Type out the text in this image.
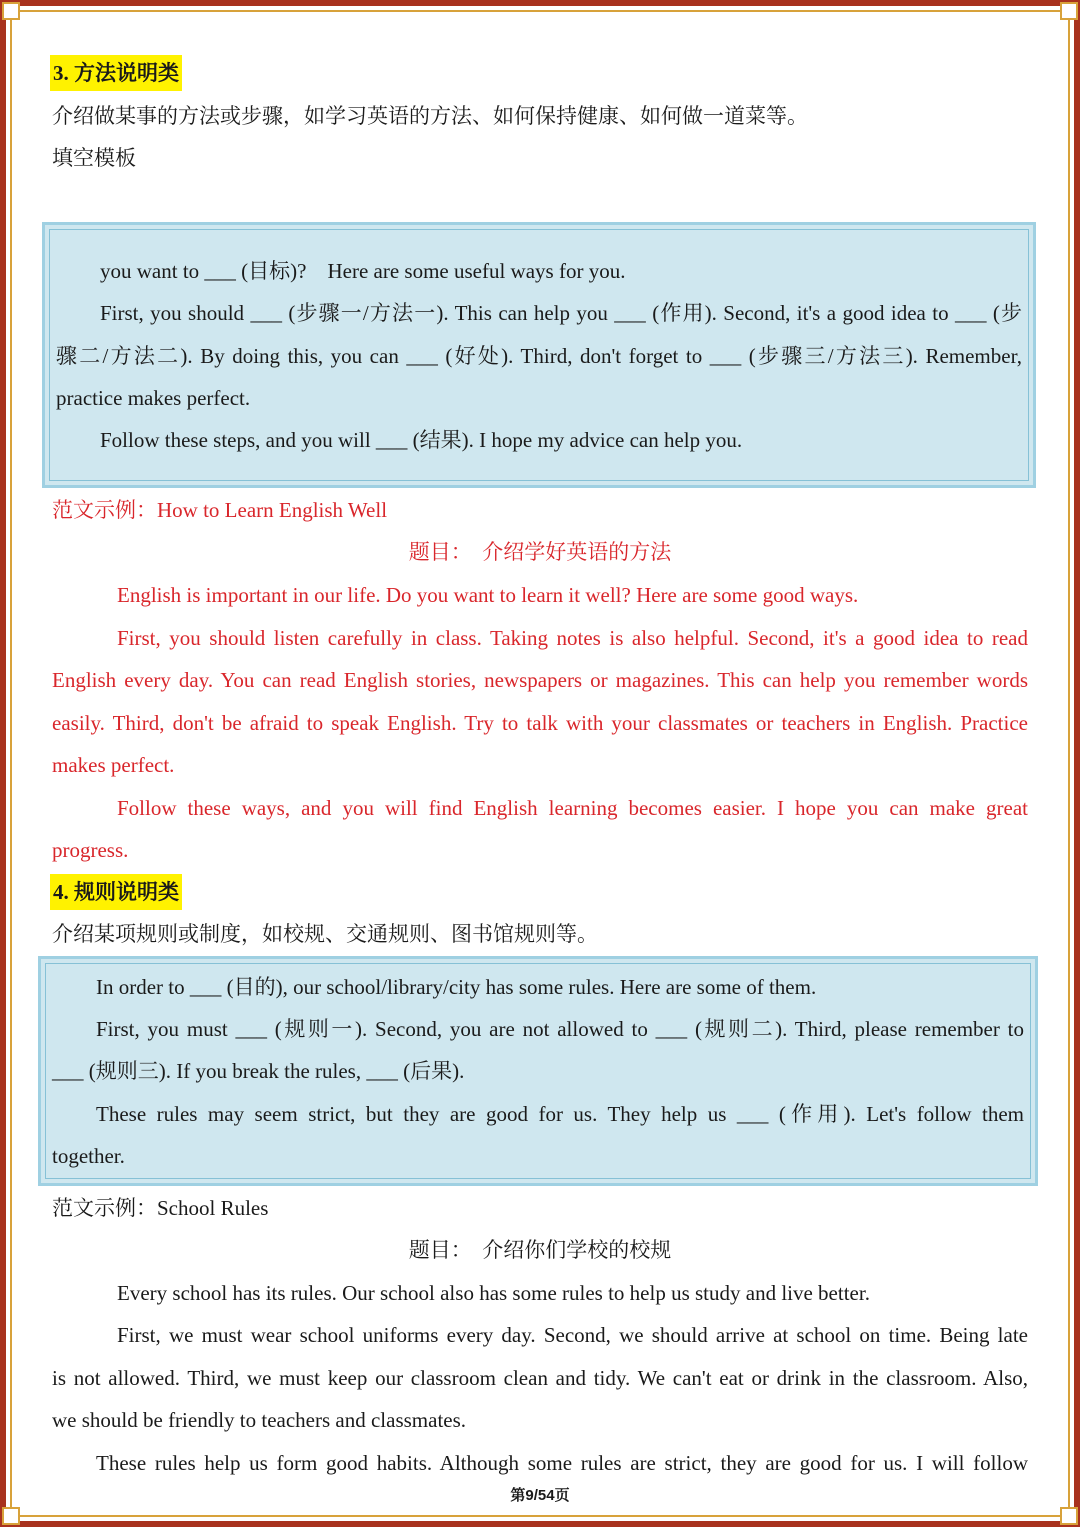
3. 方法说明类
介绍做某事的方法或步骤，如学习英语的方法、如何保持健康、如何做一道菜等。
填空模板
you want to ___ (目标)?　Here are some useful ways for you.
First, you should ___ (步骤一/方法一). This can help you ___ (作用). Second, it's a good idea to ___ (步
骤二/方法二). By doing this, you can ___ (好处). Third, don't forget to ___ (步骤三/方法三). Remember,
practice makes perfect.
Follow these steps, and you will ___ (结果). I hope my advice can help you.
范文示例：How to Learn English Well
题目：　介绍学好英语的方法
English is important in our life. Do you want to learn it well? Here are some good ways.
First, you should listen carefully in class. Taking notes is also helpful. Second, it's a good idea to read
English every day. You can read English stories, newspapers or magazines. This can help you remember words
easily. Third, don't be afraid to speak English. Try to talk with your classmates or teachers in English. Practice
makes perfect.
Follow these ways, and you will find English learning becomes easier. I hope you can make great
progress.
4. 规则说明类
介绍某项规则或制度，如校规、交通规则、图书馆规则等。
In order to ___ (目的), our school/library/city has some rules. Here are some of them.
First, you must ___ (规则一). Second, you are not allowed to ___ (规则二). Third, please remember to
___ (规则三). If you break the rules, ___ (后果).
These rules may seem strict, but they are good for us. They help us ___ (作用). Let's follow them
together.
范文示例：School Rules
题目：　介绍你们学校的校规
Every school has its rules. Our school also has some rules to help us study and live better.
First, we must wear school uniforms every day. Second, we should arrive at school on time. Being late
is not allowed. Third, we must keep our classroom clean and tidy. We can't eat or drink in the classroom. Also,
we should be friendly to teachers and classmates.
These rules help us form good habits. Although some rules are strict, they are good for us. I will follow
第9/54页
